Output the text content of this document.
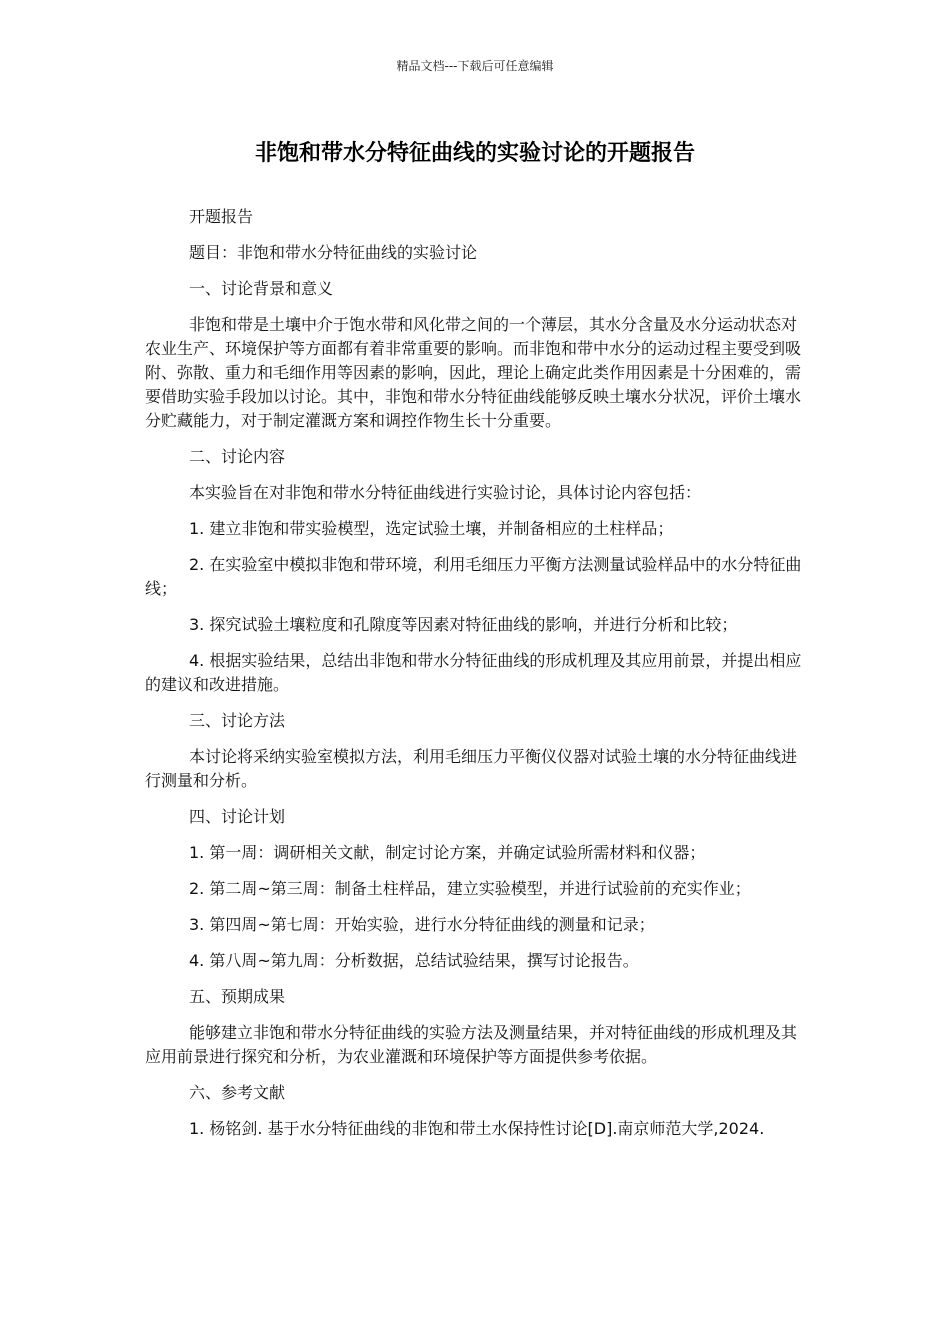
精品文档---下载后可任意编辑
非饱和带水分特征曲线的实验讨论的开题报告

开题报告

题目：非饱和带水分特征曲线的实验讨论

一、讨论背景和意义

非饱和带是土壤中介于饱水带和风化带之间的一个薄层，其水分含量及水分运动状态对农业生产、环境保护等方面都有着非常重要的影响。而非饱和带中水分的运动过程主要受到吸附、弥散、重力和毛细作用等因素的影响，因此，理论上确定此类作用因素是十分困难的，需要借助实验手段加以讨论。其中，非饱和带水分特征曲线能够反映土壤水分状况，评价土壤水分贮藏能力，对于制定灌溉方案和调控作物生长十分重要。

二、讨论内容

本实验旨在对非饱和带水分特征曲线进行实验讨论，具体讨论内容包括：

1. 建立非饱和带实验模型，选定试验土壤，并制备相应的土柱样品；

2. 在实验室中模拟非饱和带环境，利用毛细压力平衡方法测量试验样品中的水分特征曲线；

3. 探究试验土壤粒度和孔隙度等因素对特征曲线的影响，并进行分析和比较；

4. 根据实验结果，总结出非饱和带水分特征曲线的形成机理及其应用前景，并提出相应的建议和改进措施。

三、讨论方法

本讨论将采纳实验室模拟方法，利用毛细压力平衡仪仪器对试验土壤的水分特征曲线进行测量和分析。

四、讨论计划

1. 第一周：调研相关文献，制定讨论方案，并确定试验所需材料和仪器；

2. 第二周~第三周：制备土柱样品，建立实验模型，并进行试验前的充实作业；

3. 第四周~第七周：开始实验，进行水分特征曲线的测量和记录；

4. 第八周~第九周：分析数据，总结试验结果，撰写讨论报告。

五、预期成果

能够建立非饱和带水分特征曲线的实验方法及测量结果，并对特征曲线的形成机理及其应用前景进行探究和分析，为农业灌溉和环境保护等方面提供参考依据。

六、参考文献

1. 杨铭剑. 基于水分特征曲线的非饱和带土水保持性讨论[D].南京师范大学,2024.
